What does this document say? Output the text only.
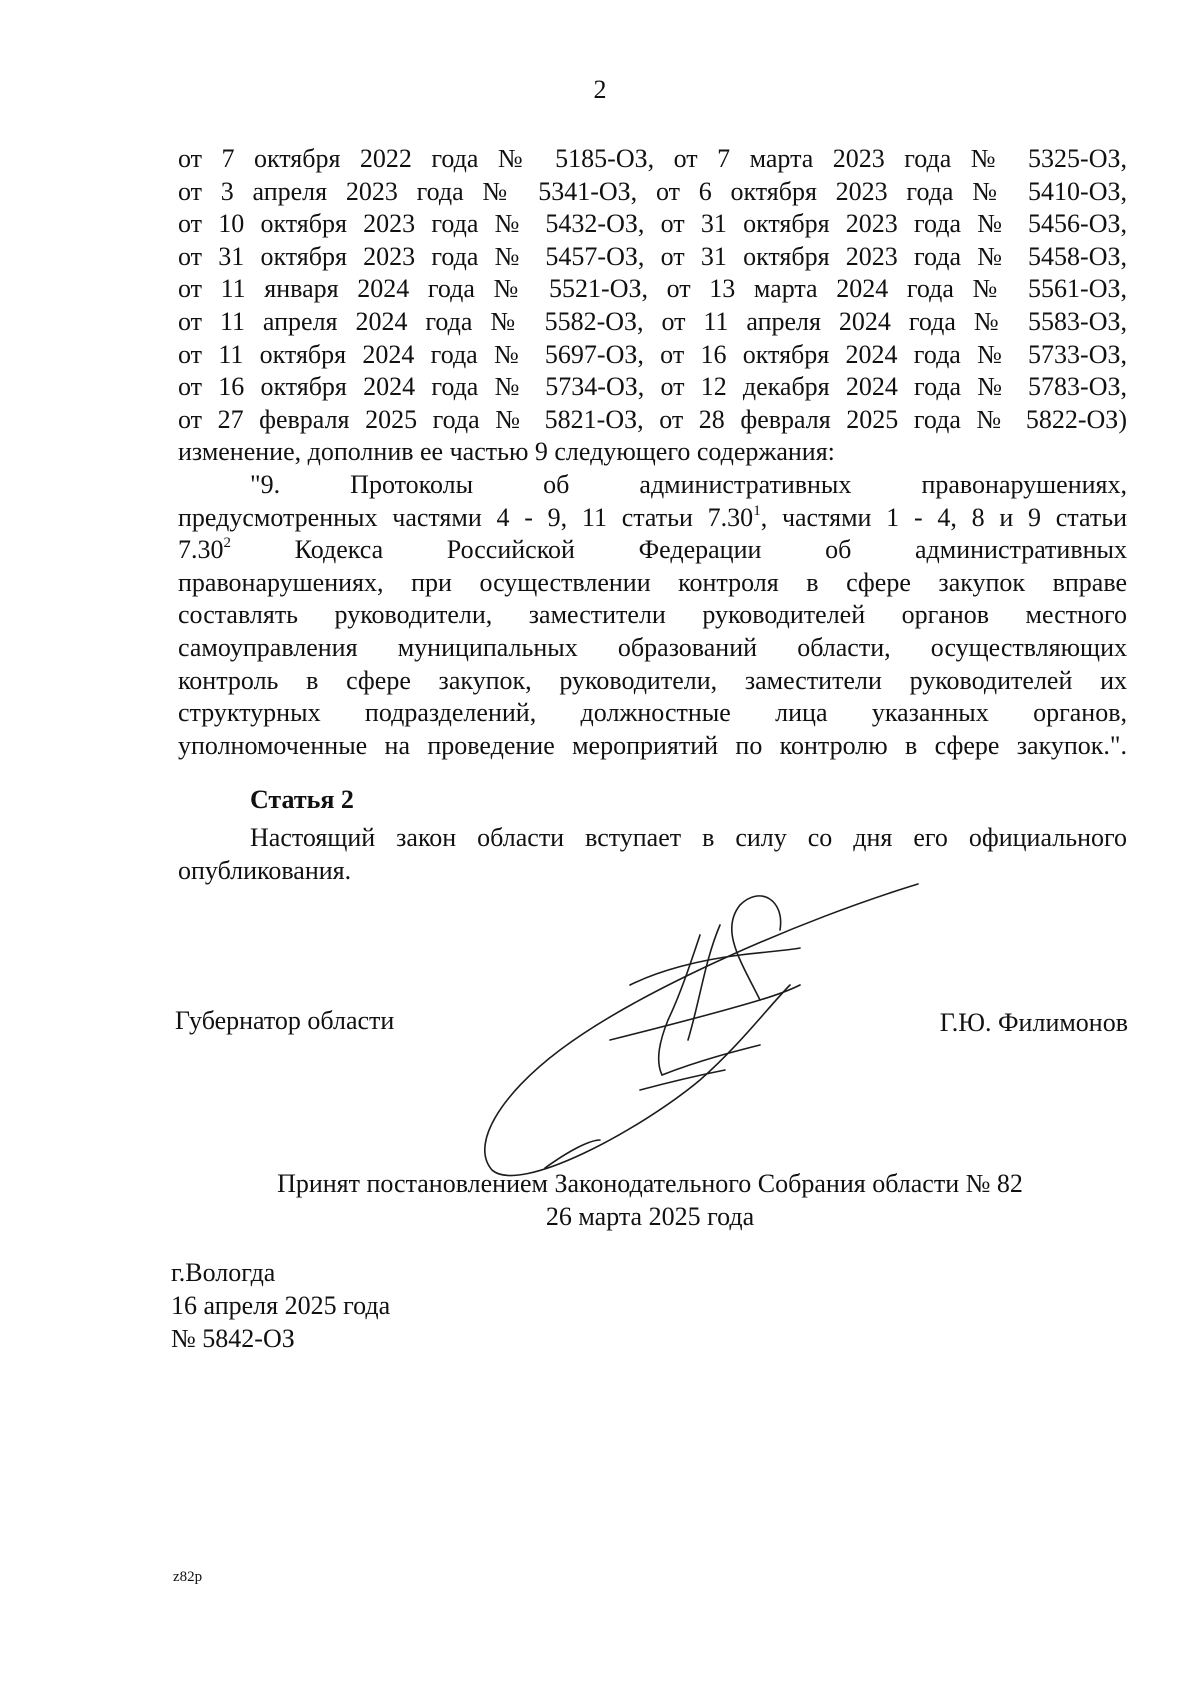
2
от 7 октября 2022 года № 5185-ОЗ, от 7 марта 2023 года № 5325-ОЗ,
от 3 апреля 2023 года № 5341-ОЗ, от 6 октября 2023 года № 5410-ОЗ,
от 10 октября 2023 года № 5432-ОЗ, от 31 октября 2023 года № 5456-ОЗ,
от 31 октября 2023 года № 5457-ОЗ, от 31 октября 2023 года № 5458-ОЗ,
от 11 января 2024 года № 5521-ОЗ, от 13 марта 2024 года № 5561-ОЗ,
от 11 апреля 2024 года № 5582-ОЗ, от 11 апреля 2024 года № 5583-ОЗ,
от 11 октября 2024 года № 5697-ОЗ, от 16 октября 2024 года № 5733-ОЗ,
от 16 октября 2024 года № 5734-ОЗ, от 12 декабря 2024 года № 5783-ОЗ,
от 27 февраля 2025 года № 5821-ОЗ, от 28 февраля 2025 года № 5822-ОЗ)
изменение, дополнив ее частью 9 следующего содержания:
"9. Протоколы об административных правонарушениях,
предусмотренных частями 4 - 9, 11 статьи 7.30$^1$, частями 1 - 4, 8 и 9 статьи
7.30$^2$ Кодекса Российской Федерации об административных
правонарушениях, при осуществлении контроля в сфере закупок вправе
составлять руководители, заместители руководителей органов местного
самоуправления муниципальных образований области, осуществляющих
контроль в сфере закупок, руководители, заместители руководителей их
структурных подразделений, должностные лица указанных органов,
уполномоченные на проведение мероприятий по контролю в сфере закупок.".
Статья 2
Настоящий закон области вступает в силу со дня его официального
опубликования.
Губернатор области	Г.Ю. Филимонов
Принят постановлением Законодательного Собрания области № 82
26 марта 2025 года
г.Вологда
16 апреля 2025 года
№ 5842-ОЗ
z82p
